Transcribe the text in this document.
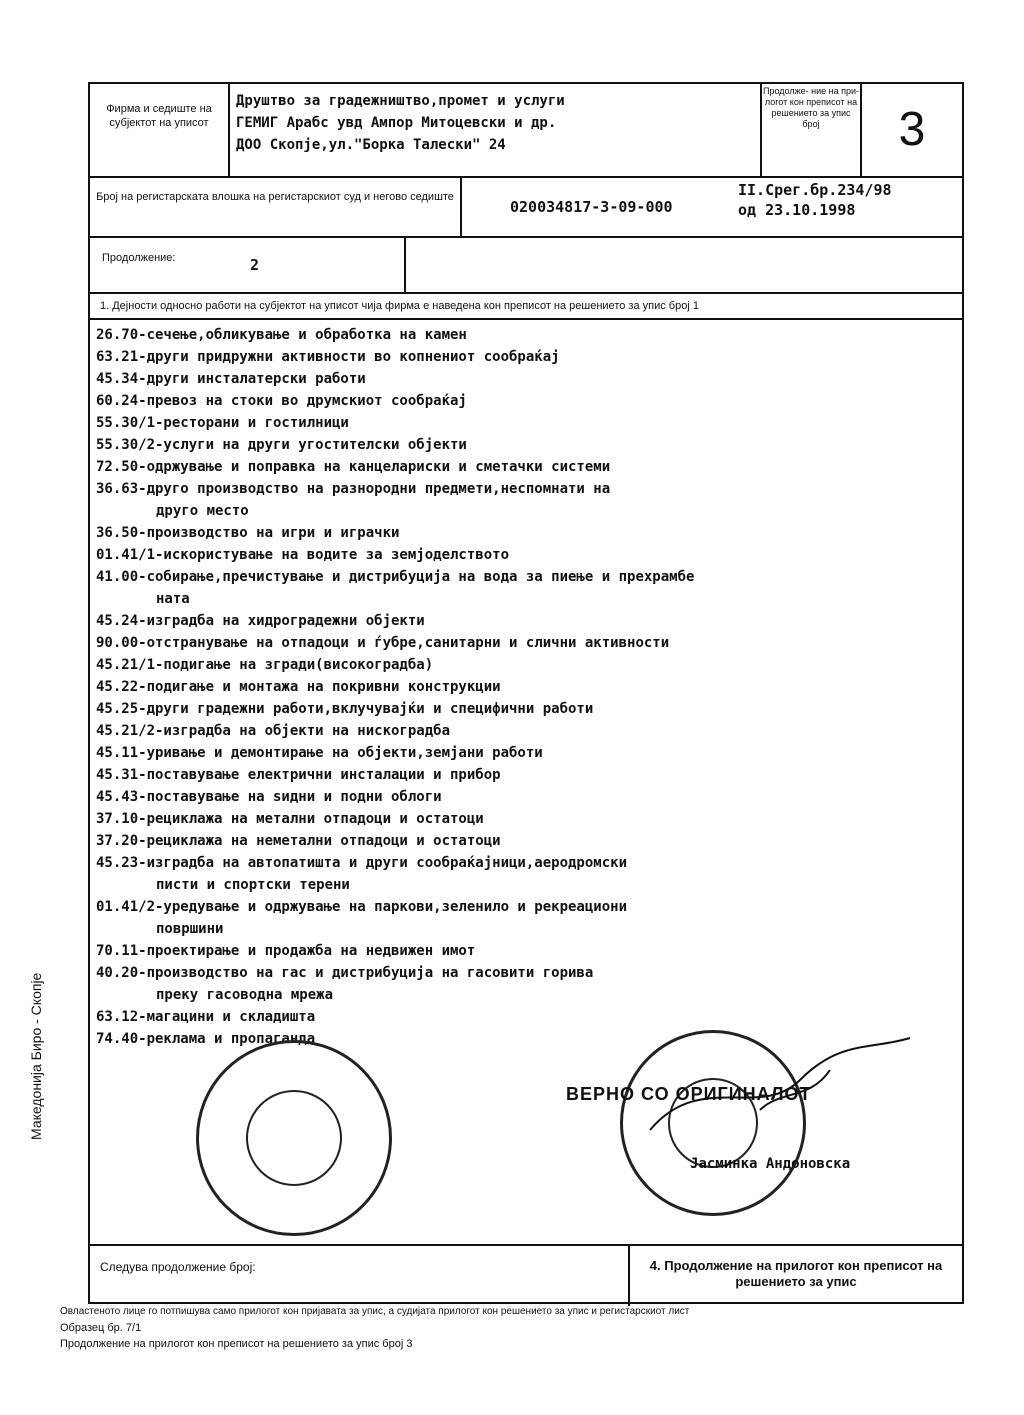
Фирма и седиште на субјектот на уписот
Друштво за градежништво,промет и услуги
ГЕМИГ Арабс увд Ампор Митоцевски и др.
ДОО Скопје,ул."Борка Талески" 24
Продолже- ние на при- логот кон преписот на решението за упис број	3
Број на регистарската влошка на регистарскиот суд и негово седиште
020034817-3-09-000
II.Срег.бр.234/98
од 23.10.1998
Продолжение:	2
1. Дејности односно работи на субјектот на уписот чија фирма е наведена кон преписот на решението за упис број 1
26.70-сечење,обликување и обработка на камен
63.21-други придружни активности во копнениот сообраќај
45.34-други инсталатерски работи
60.24-превоз на стоки во друмскиот сообраќај
55.30/1-ресторани и гостилници
55.30/2-услуги на други угостителски објекти
72.50-одржување и поправка на канцелариски и сметачки системи
36.63-друго производство на разнородни предмети,неспомнати на
друго место
36.50-производство на игри и играчки
01.41/1-искористување на водите за земјоделството
41.00-собирање,пречистување и дистрибуција на вода за пиење и прехрамбе
ната
45.24-изградба на хидроградежни објекти
90.00-отстранување на отпадоци и ѓубре,санитарни и слични активности
45.21/1-подигање на згради(високоградба)
45.22-подигање и монтажа на покривни конструкции
45.25-други градежни работи,вклучувајќи и специфични работи
45.21/2-изградба на објекти на нискоградба
45.11-уривање и демонтирање на објекти,земјани работи
45.31-поставување електрични инсталации и прибор
45.43-поставување на ѕидни и подни облоги
37.10-рециклажа на метални отпадоци и остатоци
37.20-рециклажа на неметални отпадоци и остатоци
45.23-изградба на автопатишта и други сообраќајници,аеродромски
писти и спортски терени
01.41/2-уредување и одржување на паркови,зеленило и рекреациони
површини
70.11-проектирање и продажба на недвижен имот
40.20-производство на гас и дистрибуција на гасовити горива
преку гасоводна мрежа
63.12-магацини и складишта
74.40-реклама и пропаганда
Следува продолжение број:	4. Продолжение на прилогот кон преписот на решението за упис
ВЕРНО СО ОРИГИНАЛОТ
Јасминка Андоновска
Овластеното лице го потпишува само прилогот кон пријавата за упис, а судијата прилогот кон решението за упис и регистарскиот лист
Образец бр. 7/1
Продолжение на прилогот кон преписот на решението за упис број 3
Македонија Биро - Скопје
